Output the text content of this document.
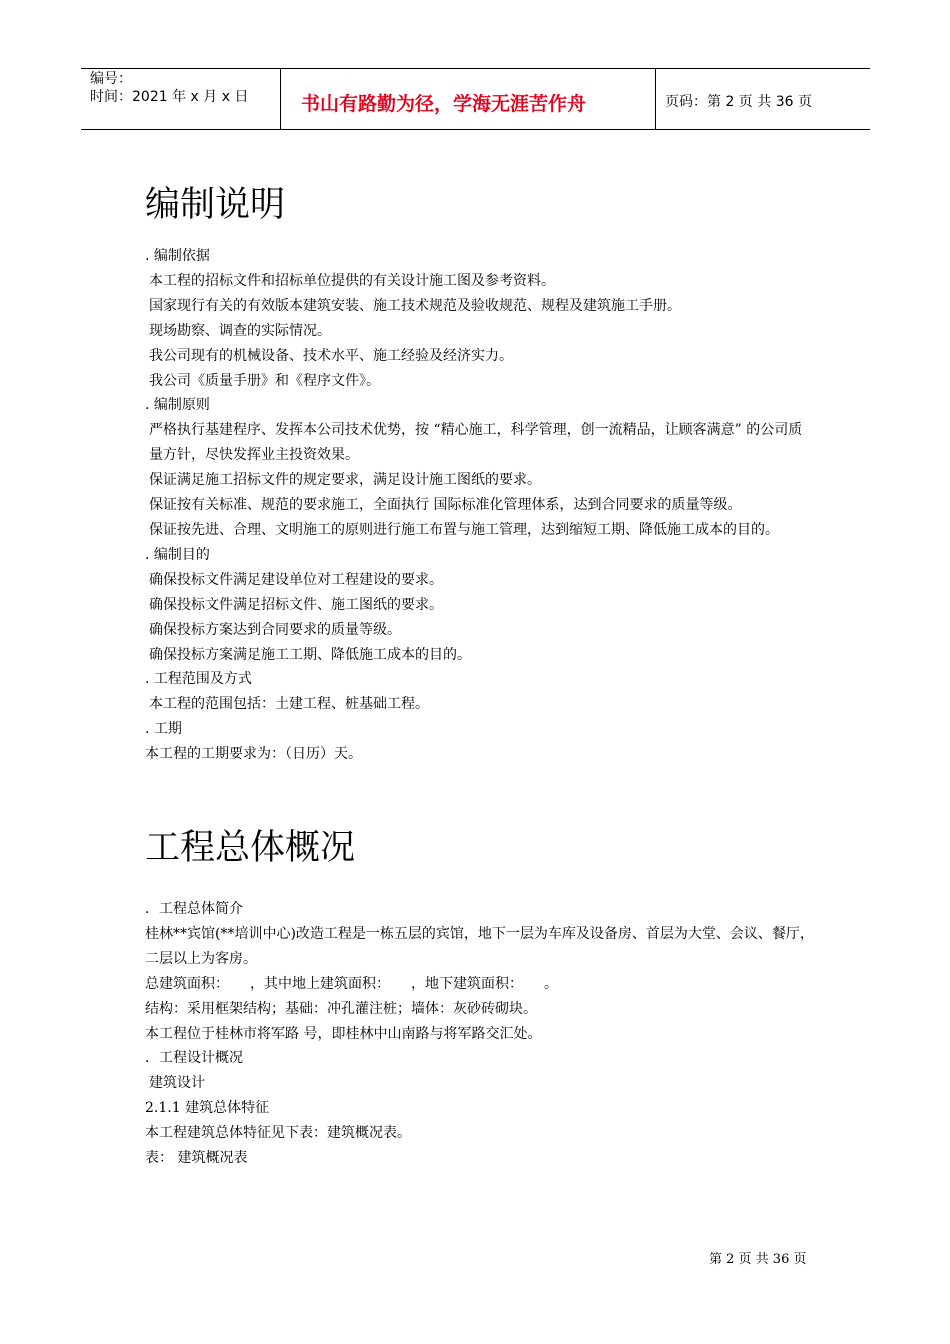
编号：
时间：2021 年 x 月 x 日	书山有路勤为径，学海无涯苦作舟	页码：第 2 页 共 36 页
编制说明

. 编制依据

本工程的招标文件和招标单位提供的有关设计施工图及参考资料。

国家现行有关的有效版本建筑安装、施工技术规范及验收规范、规程及建筑施工手册。

现场勘察、调查的实际情况。

我公司现有的机械设备、技术水平、施工经验及经济实力。

我公司《质量手册》和《程序文件》。

. 编制原则

严格执行基建程序、发挥本公司技术优势，按 “精心施工，科学管理，创一流精品，让顾客满意” 的公司质量方针，尽快发挥业主投资效果。

保证满足施工招标文件的规定要求，满足设计施工图纸的要求。

保证按有关标准、规范的要求施工，全面执行 国际标准化管理体系，达到合同要求的质量等级。

保证按先进、合理、文明施工的原则进行施工布置与施工管理，达到缩短工期、降低施工成本的目的。

. 编制目的

确保投标文件满足建设单位对工程建设的要求。

确保投标文件满足招标文件、施工图纸的要求。

确保投标方案达到合同要求的质量等级。

确保投标方案满足施工工期、降低施工成本的目的。

. 工程范围及方式

本工程的范围包括：土建工程、桩基础工程。

. 工期

本工程的工期要求为：（日历）天。

工程总体概况

．工程总体简介

桂林**宾馆(**培训中心)改造工程是一栋五层的宾馆，地下一层为车库及设备房、首层为大堂、会议、餐厅，二层以上为客房。

总建筑面积：　　，其中地上建筑面积：　　，地下建筑面积：　　。

结构：采用框架结构；基础：冲孔灌注桩；墙体：灰砂砖砌块。

本工程位于桂林市将军路 号，即桂林中山南路与将军路交汇处。

．工程设计概况

建筑设计

2.1.1 建筑总体特征

本工程建筑总体特征见下表：建筑概况表。

表： 建筑概况表

第 2 页 共 36 页
